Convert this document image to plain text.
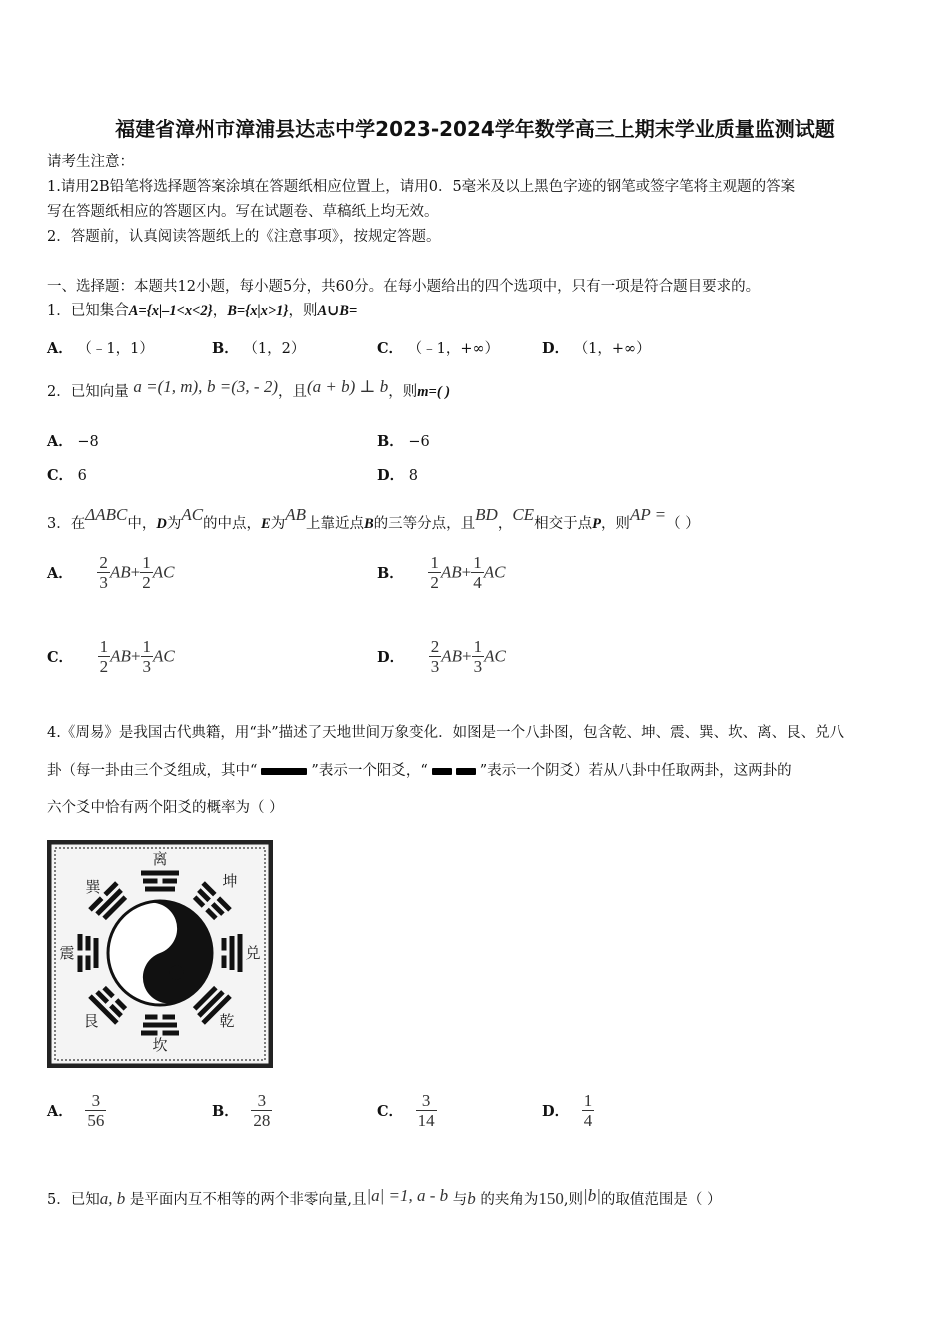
福建省漳州市漳浦县达志中学2023-2024学年数学高三上期末学业质量监测试题
请考生注意：
1.请用2B铅笔将选择题答案涂填在答题纸相应位置上，请用0．5毫米及以上黑色字迹的钢笔或签字笔将主观题的答案
写在答题纸相应的答题区内。写在试题卷、草稿纸上均无效。
2．答题前，认真阅读答题纸上的《注意事项》，按规定答题。
一、选择题：本题共12小题，每小题5分，共60分。在每小题给出的四个选项中，只有一项是符合题目要求的。
1．已知集合A={x|–1<x<2}，B={x|x>1}，则A∪B=
A． （﹣1，1）	B． （1，2）	C． （﹣1，+∞）	D． （1，+∞）
2．已知向量 a =(1, m), b =(3, - 2)，且(a + b) ⊥ b，则m=( )
A． −8	B． −6
C． 6	D． 8
3．在ΔABC中，D为AC的中点，E为AB上靠近点B的三等分点，且BD，CE相交于点P，则AP =（ ）
A． $\frac{2}{3} AB+ \frac{1}{2}$ AC	B． $\frac{1}{2} AB+ \frac{1}{4}$ AC
C． $\frac{1}{2} AB+ \frac{1}{3}$ AC	D． $\frac{2}{3} AB+ \frac{1}{3}$ AC
4.《周易》是我国古代典籍，用“卦”描述了天地世间万象变化．如图是一个八卦图，包含乾、坤、震、巽、坎、离、艮、兑八
卦（每一卦由三个爻组成，其中“	”表示一个阳爻，“	”表示一个阴爻）若从八卦中任取两卦，这两卦的
六个爻中恰有两个阳爻的概率为（ ）
离
坤
兑
乾
坎
艮
震
巽
A． $\frac{3}{56}$	B． $\frac{3}{28}$	C． $\frac{3}{14}$	D． $\frac{1}{4}$
5．已知a, b 是平面内互不相等的两个非零向量,且|a| =1, a - b 与b 的夹角为150,则|b|的取值范围是（ ）
